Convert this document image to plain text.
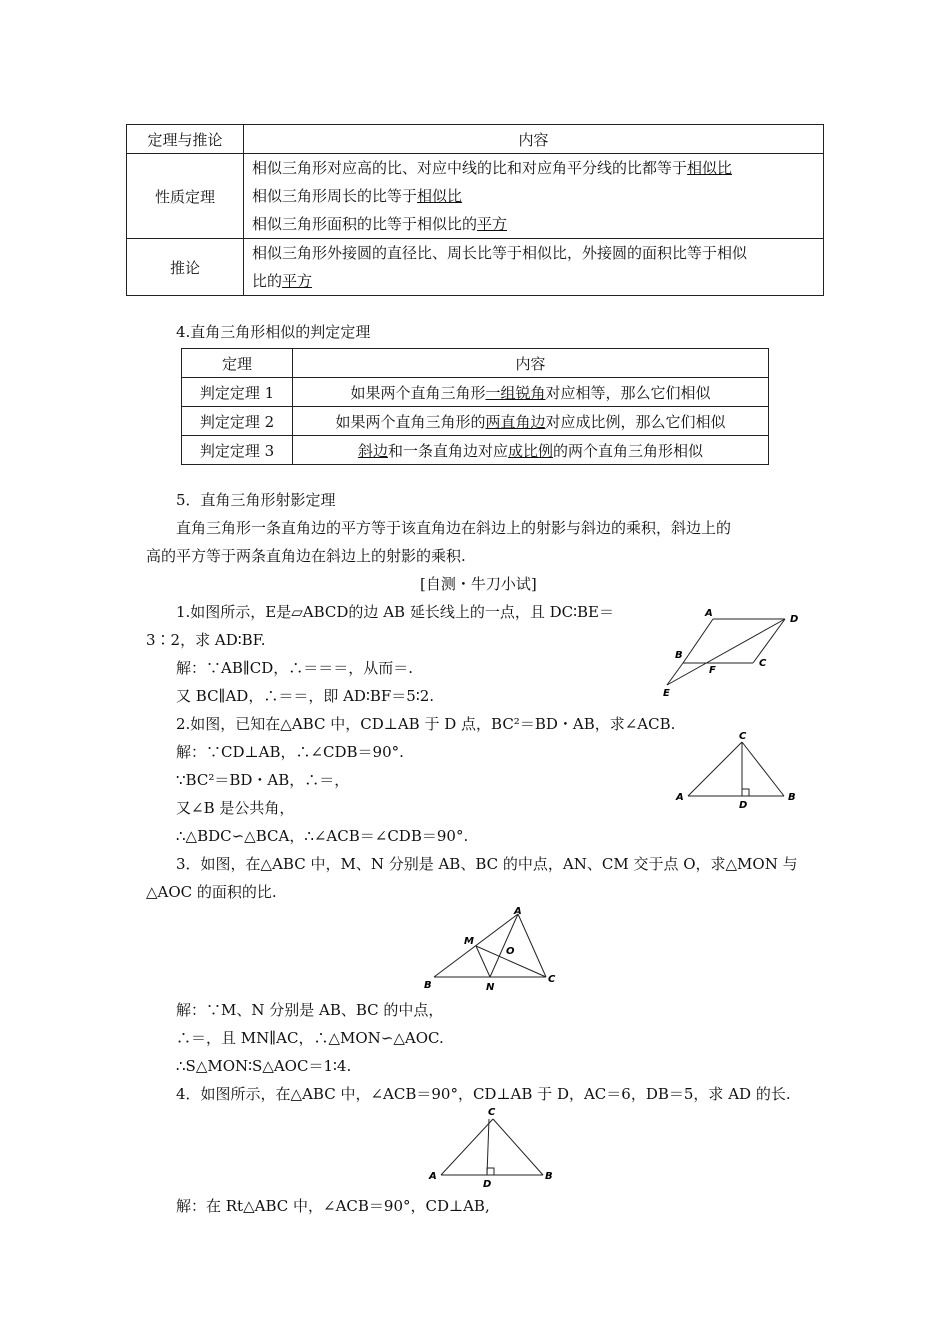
定理与推论	内容
性质定理	相似三角形对应高的比、对应中线的比和对应角平分线的比都等于相似比
相似三角形周长的比等于相似比
相似三角形面积的比等于相似比的平方

推论	相似三角形外接圆的直径比、周长比等于相似比，外接圆的面积比等于相似
比的平方
4.直角三角形相似的判定定理
定理	内容
判定定理 1	如果两个直角三角形一组锐角对应相等，那么它们相似
判定定理 2	如果两个直角三角形的两直角边对应成比例，那么它们相似
判定定理 3	斜边和一条直角边对应成比例的两个直角三角形相似
5．直角三角形射影定理
直角三角形一条直角边的平方等于该直角边在斜边上的射影与斜边的乘积，斜边上的
高的平方等于两条直角边在斜边上的射影的乘积.
[自测・牛刀小试]
1.如图所示，E是▱ABCD的边 AB 延长线上的一点，且 DC∶BE＝
3∶2，求 AD∶BF.
解：∵AB∥CD，∴＝＝＝，从而＝.
又 BC∥AD，∴＝＝，即 AD∶BF＝5∶2.
A
D
B
C
F
E
2.如图，已知在△ABC 中，CD⊥AB 于 D 点，BC²＝BD・AB，求∠ACB.
解：∵CD⊥AB，∴∠CDB＝90°.
∵BC²＝BD・AB，∴＝，
又∠B 是公共角，
∴△BDC∽△BCA，∴∠ACB＝∠CDB＝90°.
C
A	B
D
3．如图，在△ABC 中，M、N 分别是 AB、BC 的中点，AN、CM 交于点 O，求△MON 与
△AOC 的面积的比.
A
M
O
B	N
C
解：∵M、N 分别是 AB、BC 的中点，
∴＝，且 MN∥AC，∴△MON∽△AOC.
∴S△MON∶S△AOC＝1∶4.
4．如图所示，在△ABC 中，∠ACB＝90°，CD⊥AB 于 D，AC＝6，DB＝5，求 AD 的长.
C
A	B
D
解：在 Rt△ABC 中，∠ACB＝90°，CD⊥AB,
